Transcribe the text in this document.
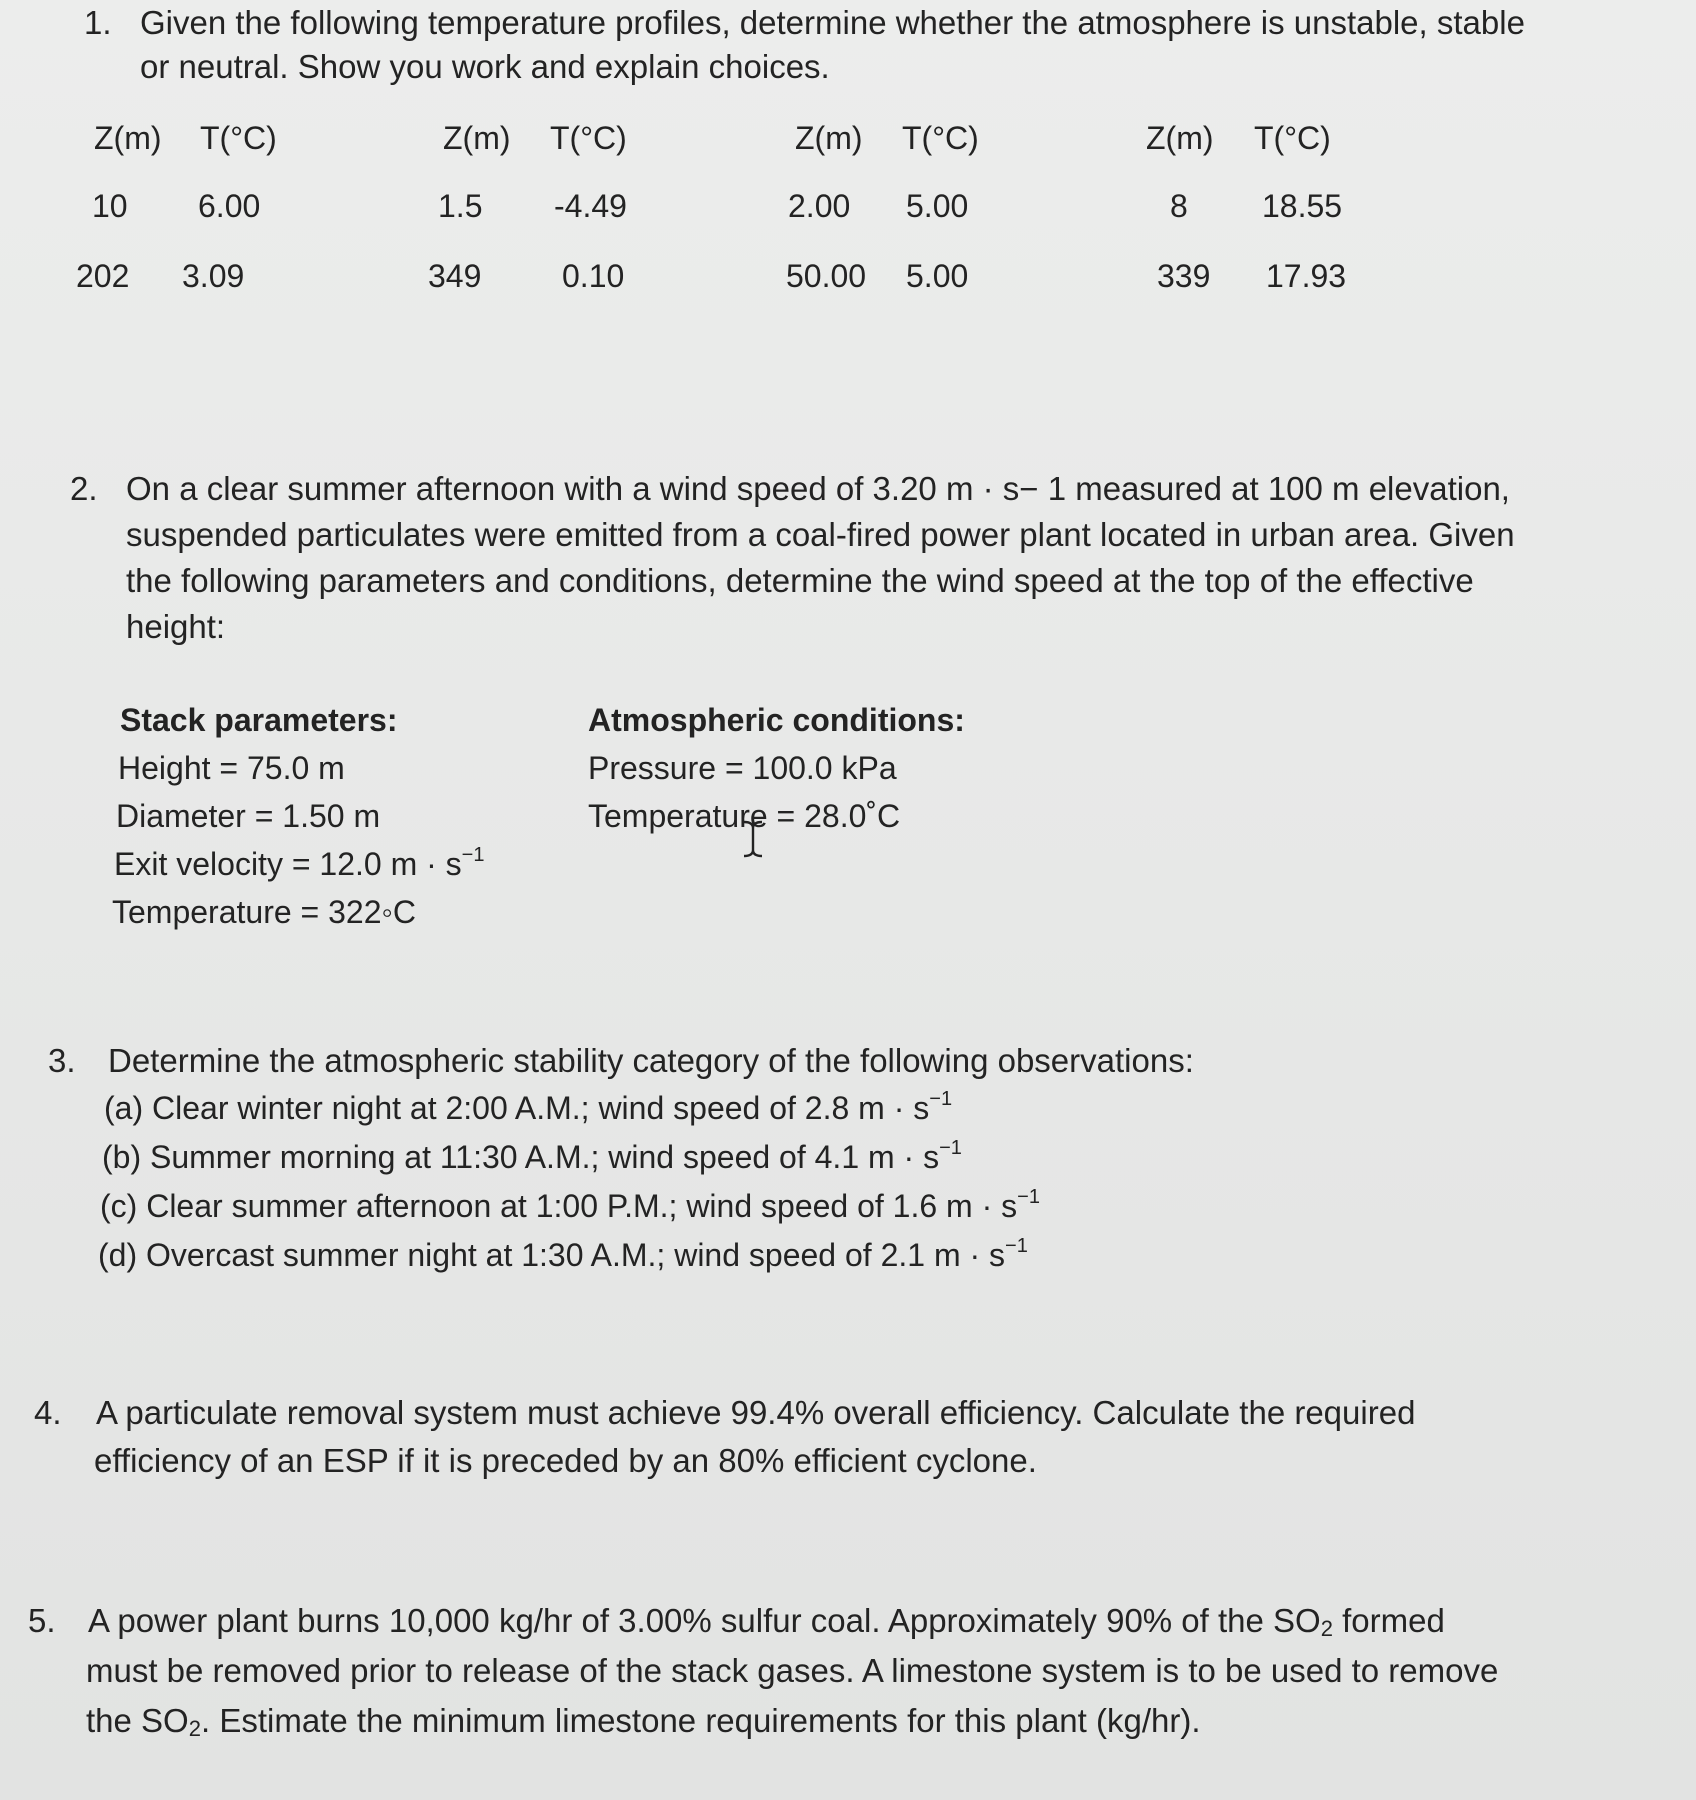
1. Given the following temperature profiles, determine whether the atmosphere is unstable, stable
or neutral. Show you work and explain choices.
Z(m) T(°C)
10 6.00
202 3.09
Z(m) T(°C)
1.5 -4.49
349	0.10
Z(m) T(°C)
2.00 5.00
50.00 5.00
Z(m) T(°C)
8 18.55
339 17.93
2. On a clear summer afternoon with a wind speed of 3.20 m · s− 1 measured at 100 m elevation,
suspended particulates were emitted from a coal-fired power plant located in urban area. Given
the following parameters and conditions, determine the wind speed at the top of the effective
height:
Stack parameters:
Height = 75.0 m
Diameter = 1.50 m
Exit velocity = 12.0 $m \cdot s^{-1}$
Temperature = 322◦C
Atmospheric conditions:
Pressure = 100.0 kPa
Temperature = 28.0˚C
3. Determine the atmospheric stability category of the following observations:
(a) Clear winter night at 2:00 A.M.; wind speed of 2.8 $m \cdot s^{-1}$
(b) Summer morning at 11:30 A.M.; wind speed of 4.1 $m \cdot s^{-1}$
(c) Clear summer afternoon at 1:00 P.M.; wind speed of 1.6 $m \cdot s^{-1}$
(d) Overcast summer night at 1:30 A.M.; wind speed of 2.1 $m \cdot s^{-1}$
4. A particulate removal system must achieve 99.4% overall efficiency. Calculate the required
efficiency of an ESP if it is preceded by an 80% efficient cyclone.
5. A power plant burns 10,000 kg/hr of 3.00% sulfur coal. Approximately 90% of the $SO_2$ formed
must be removed prior to release of the stack gases. A limestone system is to be used to remove
the $SO_2$. Estimate the minimum limestone requirements for this plant (kg/hr).
